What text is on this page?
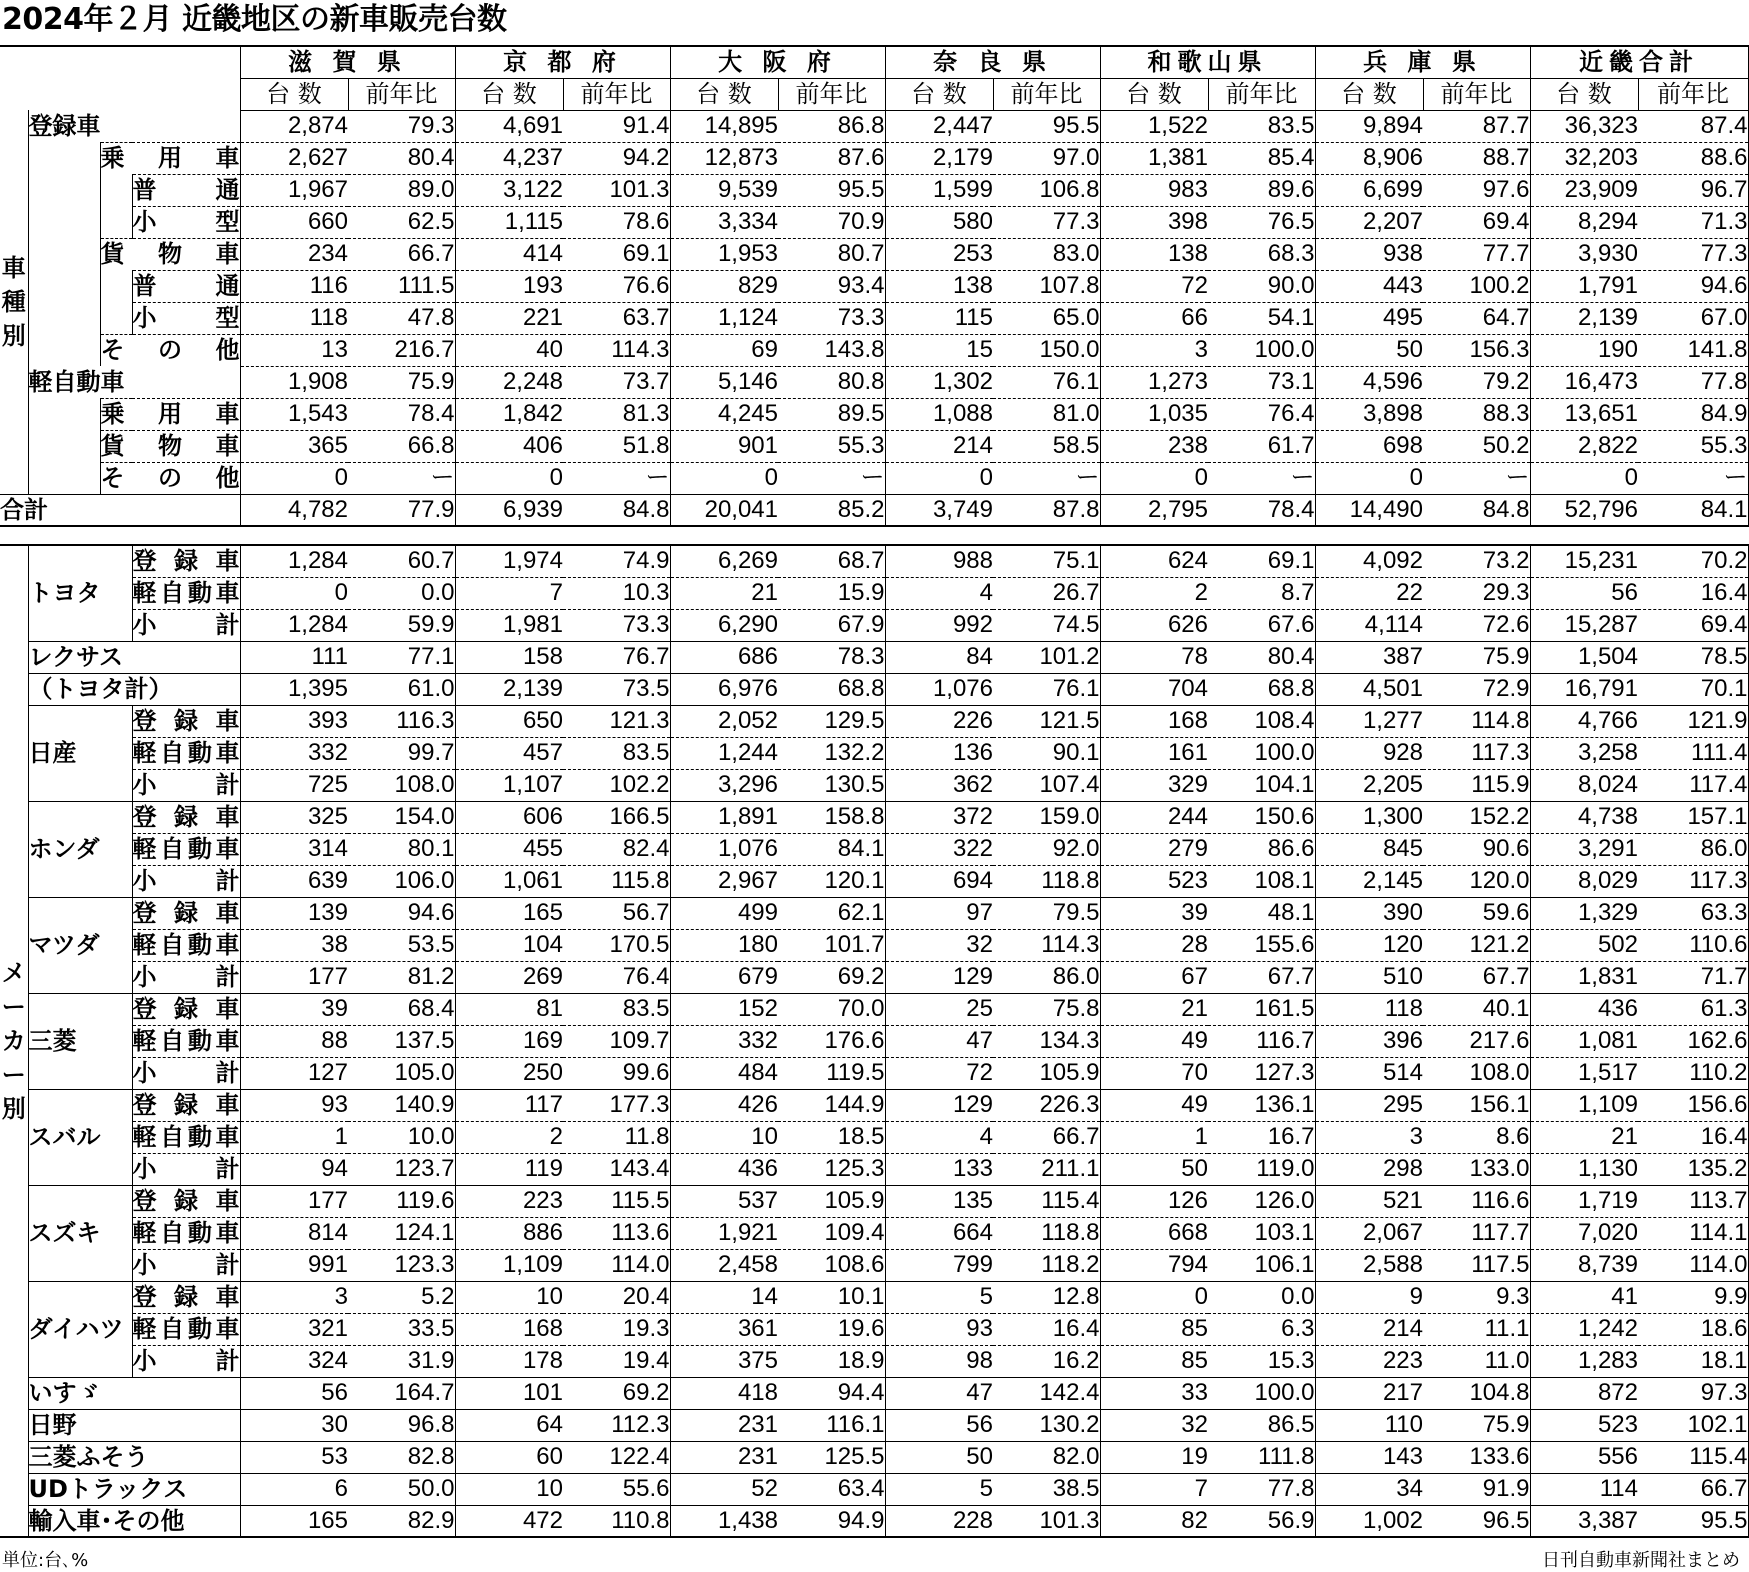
2024年２月 近畿地区の新車販売台数
				滋 賀 県		京 都 府		大 阪 府		奈 良 県		和歌山県		兵 庫 県		近畿合計	
				台 数	前年比	台 数	前年比	台 数	前年比	台 数	前年比	台 数	前年比	台 数	前年比	台 数	前年比

車
種
別	登録車			2,874	79.3	4,691	91.4	14,895	86.8	2,447	95.5	1,522	83.5	9,894	87.7	36,323	87.4
		乗用車		2,627	80.4	4,237	94.2	12,873	87.6	2,179	97.0	1,381	85.4	8,906	88.7	32,203	88.6
			普通	1,967	89.0	3,122	101.3	9,539	95.5	1,599	106.8	983	89.6	6,699	97.6	23,909	96.7
			小型	660	62.5	1,115	78.6	3,334	70.9	580	77.3	398	76.5	2,207	69.4	8,294	71.3
		貨物車		234	66.7	414	69.1	1,953	80.7	253	83.0	138	68.3	938	77.7	3,930	77.3
			普通	116	111.5	193	76.6	829	93.4	138	107.8	72	90.0	443	100.2	1,791	94.6
			小型	118	47.8	221	63.7	1,124	73.3	115	65.0	66	54.1	495	64.7	2,139	67.0
		その他		13	216.7	40	114.3	69	143.8	15	150.0	3	100.0	50	156.3	190	141.8
	軽自動車			1,908	75.9	2,248	73.7	5,146	80.8	1,302	76.1	1,273	73.1	4,596	79.2	16,473	77.8
		乗用車		1,543	78.4	1,842	81.3	4,245	89.5	1,088	81.0	1,035	76.4	3,898	88.3	13,651	84.9
		貨物車		365	66.8	406	51.8	901	55.3	214	58.5	238	61.7	698	50.2	2,822	55.3
		その他		0	ー	0	ー	0	ー	0	ー	0	ー	0	ー	0	ー
合計				4,782	77.9	6,939	84.8	20,041	85.2	3,749	87.8	2,795	78.4	14,490	84.8	52,796	84.1
メ
ー
カ
ー
別	トヨタ	登録車	1,284	60.7	1,974	74.9	6,269	68.7	988	75.1	624	69.1	4,092	73.2	15,231	70.2
		軽自動車	0	0.0	7	10.3	21	15.9	4	26.7	2	8.7	22	29.3	56	16.4
		小計	1,284	59.9	1,981	73.3	6,290	67.9	992	74.5	626	67.6	4,114	72.6	15,287	69.4
	レクサス		111	77.1	158	76.7	686	78.3	84	101.2	78	80.4	387	75.9	1,504	78.5
	（トヨタ計）		1,395	61.0	2,139	73.5	6,976	68.8	1,076	76.1	704	68.8	4,501	72.9	16,791	70.1
	日産	登録車	393	116.3	650	121.3	2,052	129.5	226	121.5	168	108.4	1,277	114.8	4,766	121.9
		軽自動車	332	99.7	457	83.5	1,244	132.2	136	90.1	161	100.0	928	117.3	3,258	111.4
		小計	725	108.0	1,107	102.2	3,296	130.5	362	107.4	329	104.1	2,205	115.9	8,024	117.4
	ホンダ	登録車	325	154.0	606	166.5	1,891	158.8	372	159.0	244	150.6	1,300	152.2	4,738	157.1
		軽自動車	314	80.1	455	82.4	1,076	84.1	322	92.0	279	86.6	845	90.6	3,291	86.0
		小計	639	106.0	1,061	115.8	2,967	120.1	694	118.8	523	108.1	2,145	120.0	8,029	117.3
	マツダ	登録車	139	94.6	165	56.7	499	62.1	97	79.5	39	48.1	390	59.6	1,329	63.3
		軽自動車	38	53.5	104	170.5	180	101.7	32	114.3	28	155.6	120	121.2	502	110.6
		小計	177	81.2	269	76.4	679	69.2	129	86.0	67	67.7	510	67.7	1,831	71.7
	三菱	登録車	39	68.4	81	83.5	152	70.0	25	75.8	21	161.5	118	40.1	436	61.3
		軽自動車	88	137.5	169	109.7	332	176.6	47	134.3	49	116.7	396	217.6	1,081	162.6
		小計	127	105.0	250	99.6	484	119.5	72	105.9	70	127.3	514	108.0	1,517	110.2
	スバル	登録車	93	140.9	117	177.3	426	144.9	129	226.3	49	136.1	295	156.1	1,109	156.6
		軽自動車	1	10.0	2	11.8	10	18.5	4	66.7	1	16.7	3	8.6	21	16.4
		小計	94	123.7	119	143.4	436	125.3	133	211.1	50	119.0	298	133.0	1,130	135.2
	スズキ	登録車	177	119.6	223	115.5	537	105.9	135	115.4	126	126.0	521	116.6	1,719	113.7
		軽自動車	814	124.1	886	113.6	1,921	109.4	664	118.8	668	103.1	2,067	117.7	7,020	114.1
		小計	991	123.3	1,109	114.0	2,458	108.6	799	118.2	794	106.1	2,588	117.5	8,739	114.0
	ダイハツ	登録車	3	5.2	10	20.4	14	10.1	5	12.8	0	0.0	9	9.3	41	9.9
		軽自動車	321	33.5	168	19.3	361	19.6	93	16.4	85	6.3	214	11.1	1,242	18.6
		小計	324	31.9	178	19.4	375	18.9	98	16.2	85	15.3	223	11.0	1,283	18.1
	いすゞ		56	164.7	101	69.2	418	94.4	47	142.4	33	100.0	217	104.8	872	97.3
	日野		30	96.8	64	112.3	231	116.1	56	130.2	32	86.5	110	75.9	523	102.1
	三菱ふそう		53	82.8	60	122.4	231	125.5	50	82.0	19	111.8	143	133.6	556	115.4
	UDトラックス		6	50.0	10	55.6	52	63.4	5	38.5	7	77.8	34	91.9	114	66.7
	輸入車･その他		165	82.9	472	110.8	1,438	94.9	228	101.3	82	56.9	1,002	96.5	3,387	95.5
単位:台､%	日刊自動車新聞社まとめ
